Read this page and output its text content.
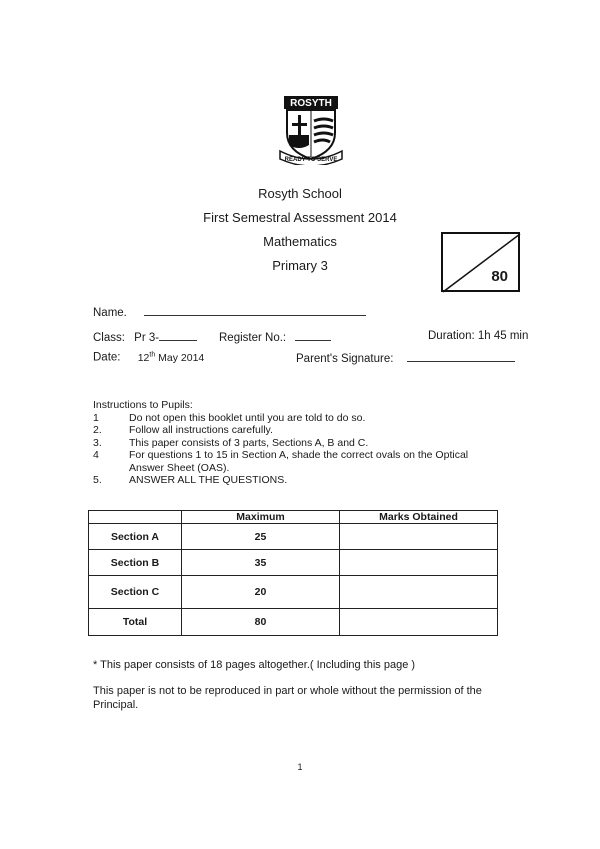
ROSYTH
READY TO SERVE
Rosyth School
First Semestral Assessment 2014
Mathematics
Primary 3
80
Name.
Class: Pr 3-	Register No.:	Duration: 1h 45 min
Date: 12th May 2014	Parent's Signature:
Instructions to Pupils:
1	Do not open this booklet until you are told to do so.
2.	Follow all instructions carefully.
3.	This paper consists of 3 parts, Sections A, B and C.
4	For questions 1 to 15 in Section A, shade the correct ovals on the Optical Answer Sheet (OAS).
5.	ANSWER ALL THE QUESTIONS.
	Maximum	Marks Obtained
Section A	25	
Section B	35	
Section C	20	
Total	80	
* This paper consists of 18 pages altogether.( Including this page )
This paper is not to be reproduced in part or whole without the permission of the Principal.
1
